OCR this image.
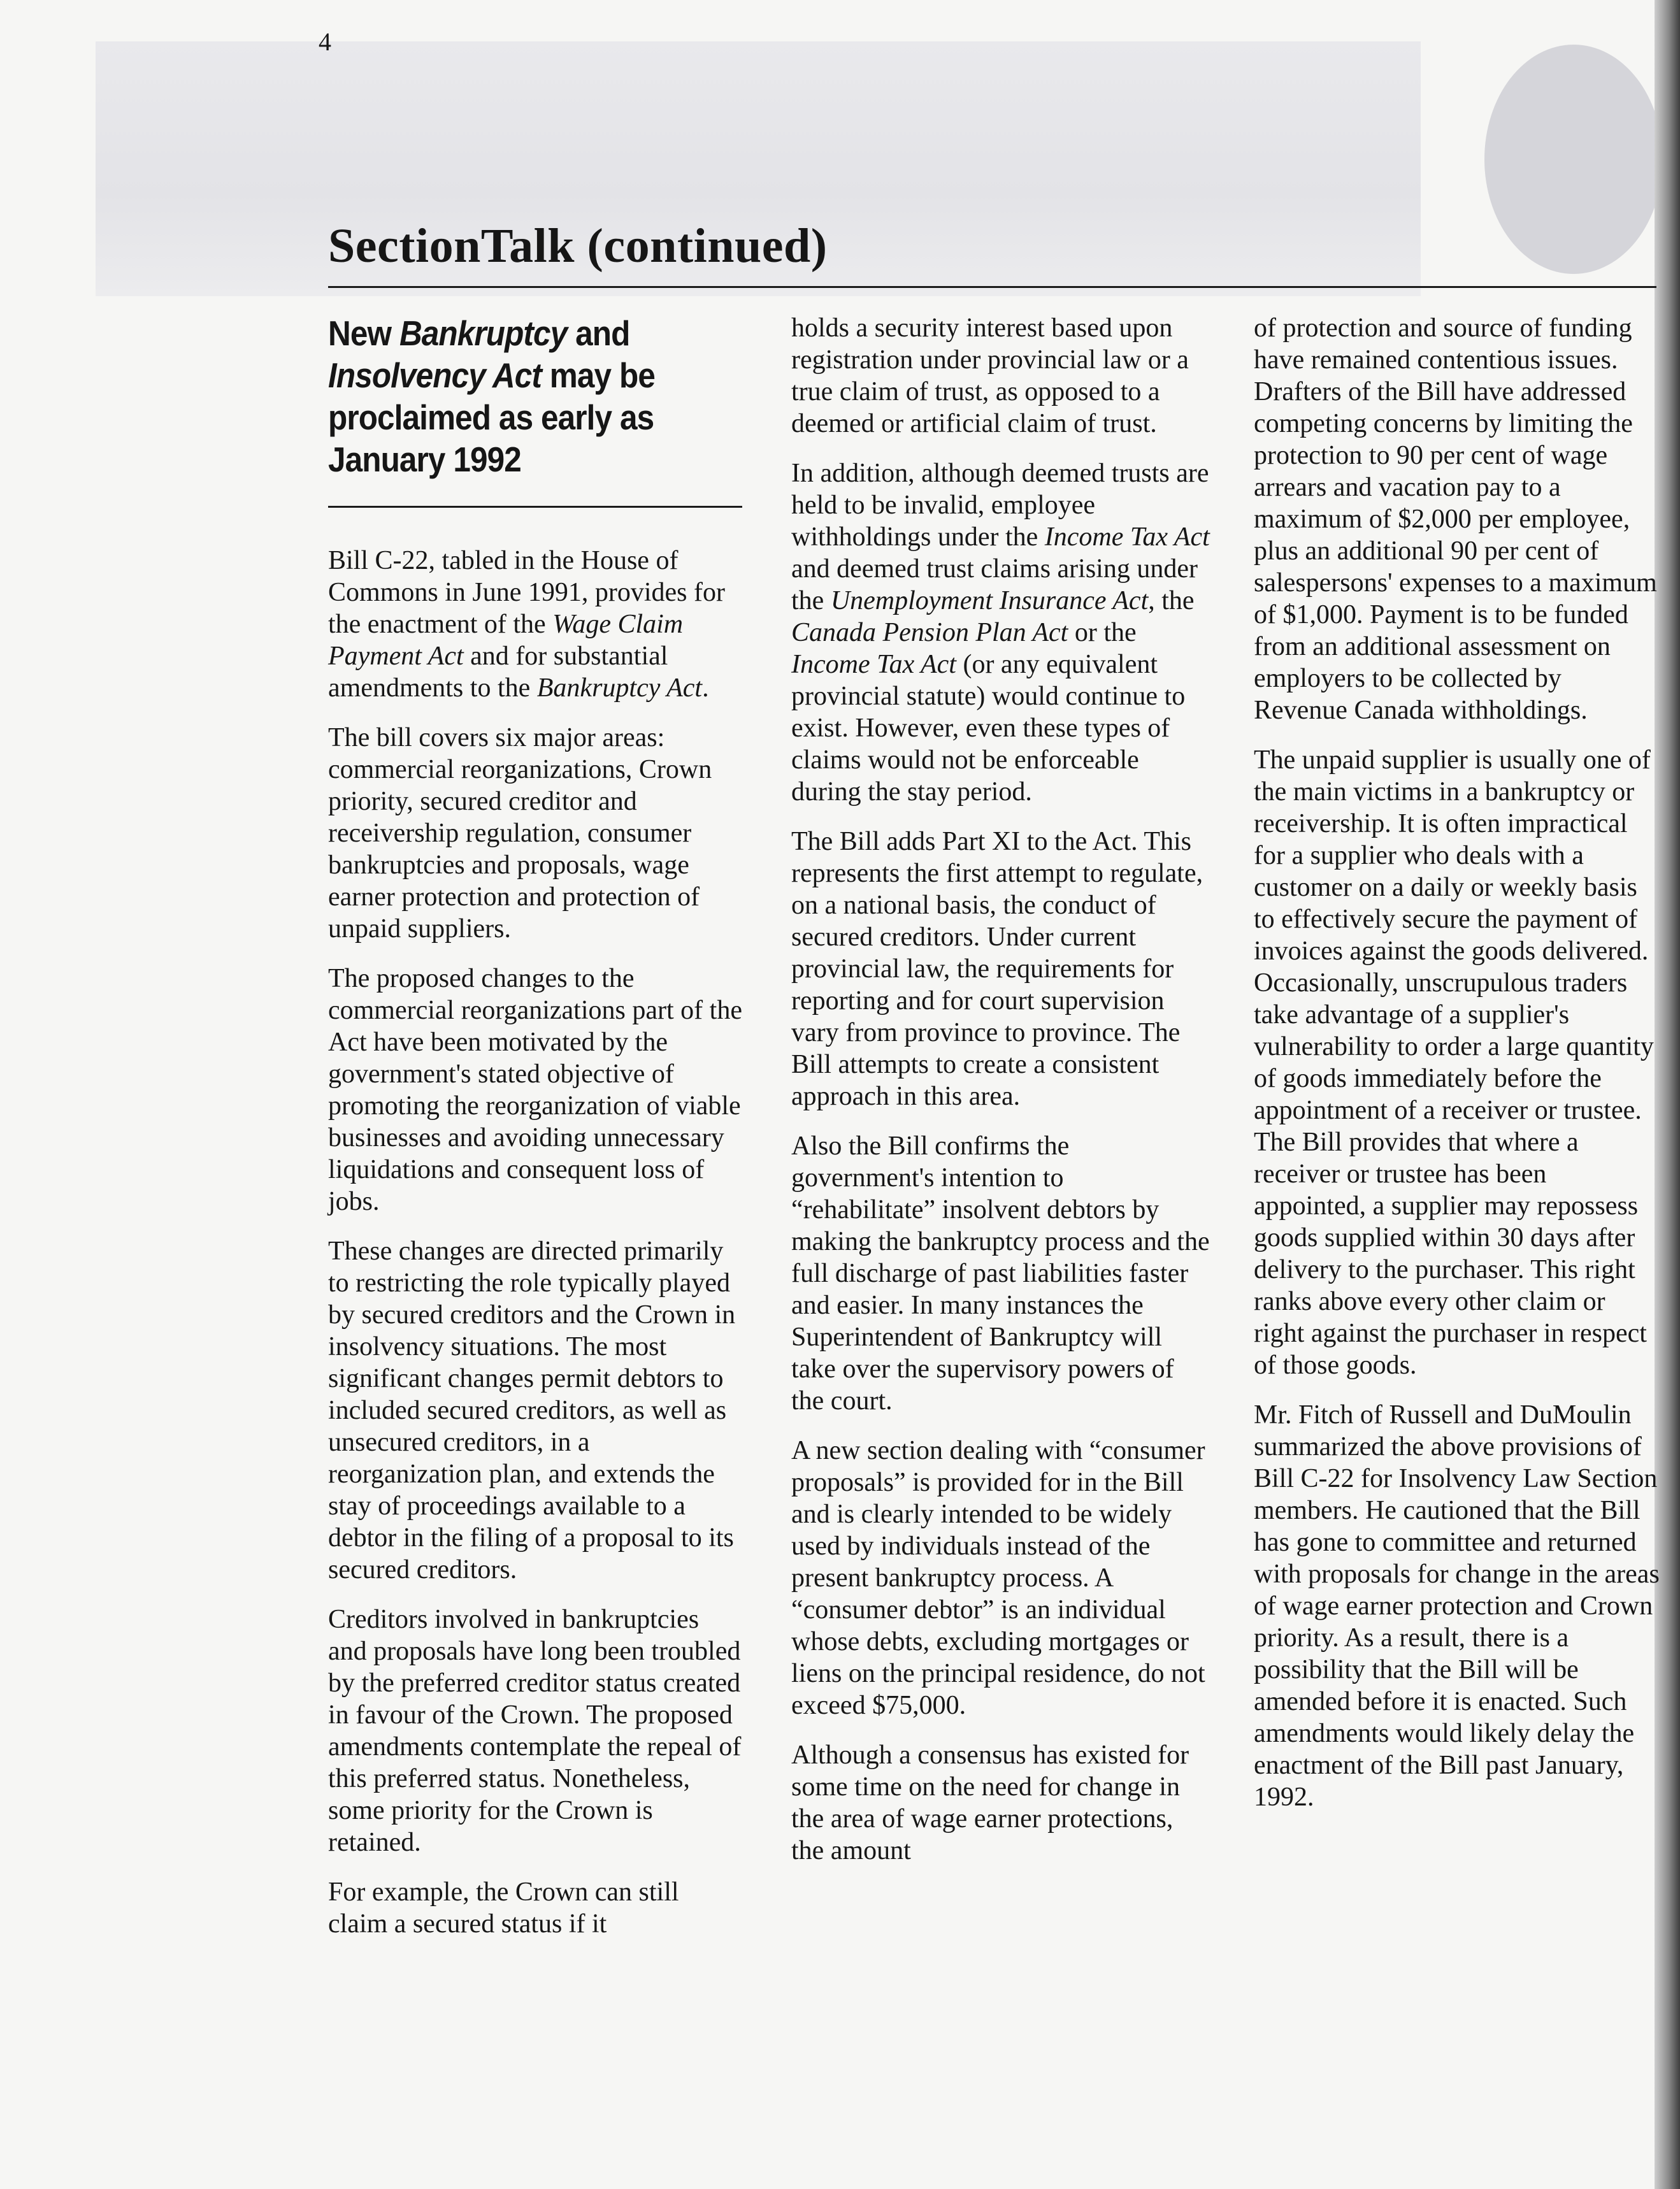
4
SectionTalk (continued)
New Bankruptcy and Insolvency Act may be proclaimed as early as January 1992

Bill C-22, tabled in the House of Commons in June 1991, provides for the enactment of the Wage Claim Payment Act and for substantial amendments to the Bankruptcy Act.

The bill covers six major areas: commercial reorganizations, Crown priority, secured creditor and receivership regulation, consumer bankruptcies and proposals, wage earner protection and protection of unpaid suppliers.

The proposed changes to the commercial reorganizations part of the Act have been motivated by the government's stated objective of promoting the reorganization of viable businesses and avoiding unnecessary liquidations and consequent loss of jobs.

These changes are directed primarily to restricting the role typically played by secured creditors and the Crown in insolvency situations. The most significant changes permit debtors to included secured creditors, as well as unsecured creditors, in a reorganization plan, and extends the stay of proceedings available to a debtor in the filing of a proposal to its secured creditors.

Creditors involved in bankruptcies and proposals have long been troubled by the preferred creditor status created in favour of the Crown. The proposed amendments contemplate the repeal of this preferred status. Nonetheless, some priority for the Crown is retained.

For example, the Crown can still claim a secured status if it

holds a security interest based upon registration under provincial law or a true claim of trust, as opposed to a deemed or artificial claim of trust.

In addition, although deemed trusts are held to be invalid, employee withholdings under the Income Tax Act and deemed trust claims arising under the Unemployment Insurance Act, the Canada Pension Plan Act or the Income Tax Act (or any equivalent provincial statute) would continue to exist. However, even these types of claims would not be enforceable during the stay period.

The Bill adds Part XI to the Act. This represents the first attempt to regulate, on a national basis, the conduct of secured creditors. Under current provincial law, the requirements for reporting and for court supervision vary from province to province. The Bill attempts to create a consistent approach in this area.

Also the Bill confirms the government's intention to “rehabilitate” insolvent debtors by making the bankruptcy process and the full discharge of past liabilities faster and easier. In many instances the Superintendent of Bankruptcy will take over the supervisory powers of the court.

A new section dealing with “consumer proposals” is provided for in the Bill and is clearly intended to be widely used by individuals instead of the present bankruptcy process. A “consumer debtor” is an individual whose debts, excluding mortgages or liens on the principal residence, do not exceed $75,000.

Although a consensus has existed for some time on the need for change in the area of wage earner protections, the amount

of protection and source of funding have remained contentious issues. Drafters of the Bill have addressed competing concerns by limiting the protection to 90 per cent of wage arrears and vacation pay to a maximum of $2,000 per employee, plus an additional 90 per cent of salespersons' expenses to a maximum of $1,000. Payment is to be funded from an additional assessment on employers to be collected by Revenue Canada withholdings.

The unpaid supplier is usually one of the main victims in a bankruptcy or receivership. It is often impractical for a supplier who deals with a customer on a daily or weekly basis to effectively secure the payment of invoices against the goods delivered. Occasionally, unscrupulous traders take advantage of a supplier's vulnerability to order a large quantity of goods immediately before the appointment of a receiver or trustee. The Bill provides that where a receiver or trustee has been appointed, a supplier may repossess goods supplied within 30 days after delivery to the purchaser. This right ranks above every other claim or right against the purchaser in respect of those goods.

Mr. Fitch of Russell and DuMoulin summarized the above provisions of Bill C-22 for Insolvency Law Section members. He cautioned that the Bill has gone to committee and returned with proposals for change in the areas of wage earner protection and Crown priority. As a result, there is a possibility that the Bill will be amended before it is enacted. Such amendments would likely delay the enactment of the Bill past January, 1992.
